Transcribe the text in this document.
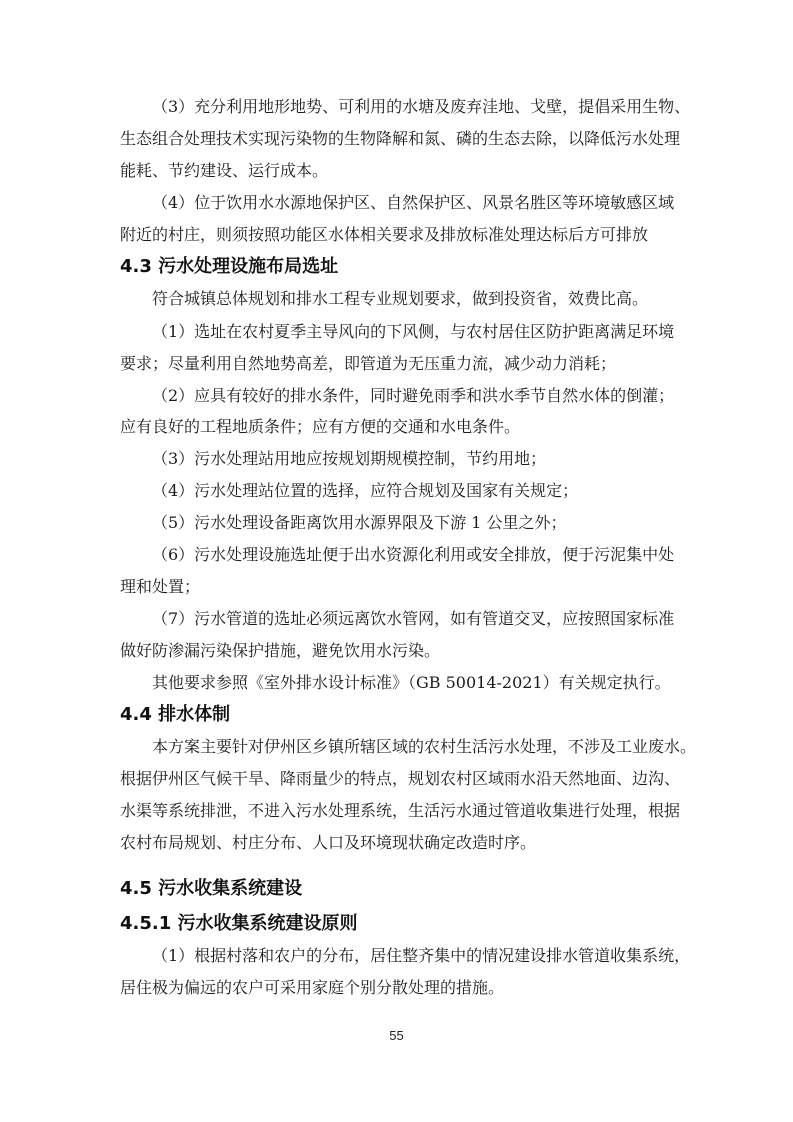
（3）充分利用地形地势、可利用的水塘及废弃洼地、戈壁，提倡采用生物、
生态组合处理技术实现污染物的生物降解和氮、磷的生态去除，以降低污水处理
能耗、节约建设、运行成本。
（4）位于饮用水水源地保护区、自然保护区、风景名胜区等环境敏感区域
附近的村庄，则须按照功能区水体相关要求及排放标准处理达标后方可排放
4.3 污水处理设施布局选址
符合城镇总体规划和排水工程专业规划要求，做到投资省，效费比高。
（1）选址在农村夏季主导风向的下风侧，与农村居住区防护距离满足环境
要求；尽量利用自然地势高差，即管道为无压重力流，减少动力消耗；
（2）应具有较好的排水条件，同时避免雨季和洪水季节自然水体的倒灌；
应有良好的工程地质条件；应有方便的交通和水电条件。
（3）污水处理站用地应按规划期规模控制，节约用地；
（4）污水处理站位置的选择，应符合规划及国家有关规定；
（5）污水处理设备距离饮用水源界限及下游 1 公里之外；
（6）污水处理设施选址便于出水资源化利用或安全排放，便于污泥集中处
理和处置；
（7）污水管道的选址必须远离饮水管网，如有管道交叉，应按照国家标准
做好防渗漏污染保护措施，避免饮用水污染。
其他要求参照《室外排水设计标准》（GB 50014-2021）有关规定执行。
4.4 排水体制
本方案主要针对伊州区乡镇所辖区域的农村生活污水处理，不涉及工业废水。
根据伊州区气候干旱、降雨量少的特点，规划农村区域雨水沿天然地面、边沟、
水渠等系统排泄，不进入污水处理系统，生活污水通过管道收集进行处理，根据
农村布局规划、村庄分布、人口及环境现状确定改造时序。
4.5 污水收集系统建设
4.5.1 污水收集系统建设原则
（1）根据村落和农户的分布，居住整齐集中的情况建设排水管道收集系统，
居住极为偏远的农户可采用家庭个别分散处理的措施。
55
